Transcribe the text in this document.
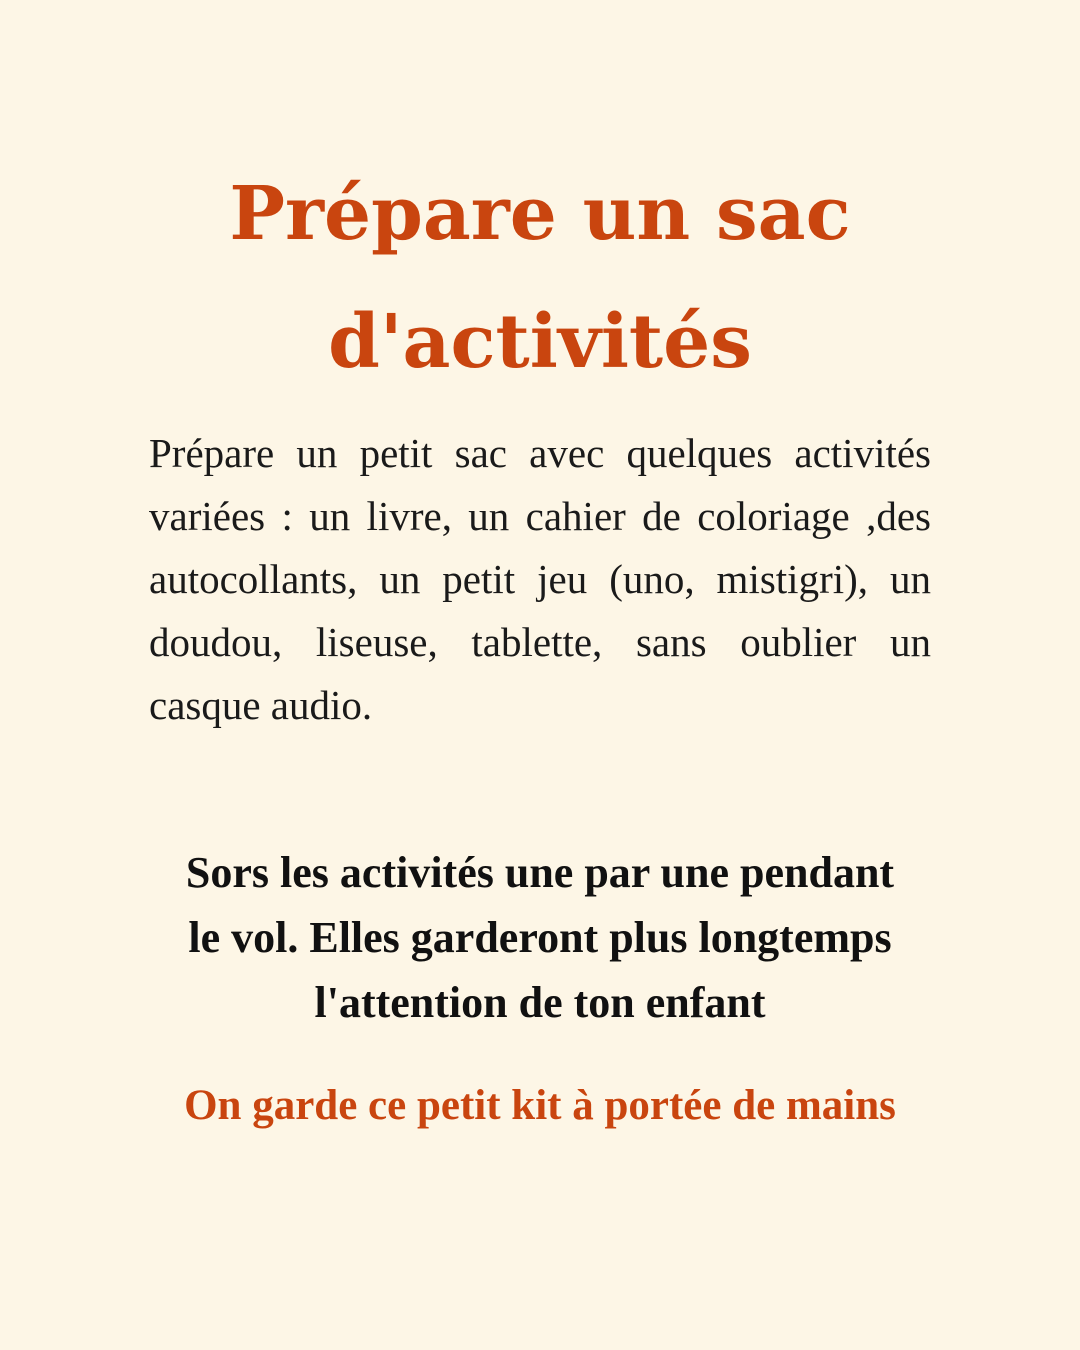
Prépare un sac
d'activités

Prépare un petit sac avec quelques activités variées : un livre, un cahier de coloriage ,des autocollants, un petit jeu (uno, mistigri), un doudou, liseuse, tablette, sans oublier un casque audio.

Sors les activités une par une pendant
le vol. Elles garderont plus longtemps
l'attention de ton enfant

On garde ce petit kit à portée de mains
